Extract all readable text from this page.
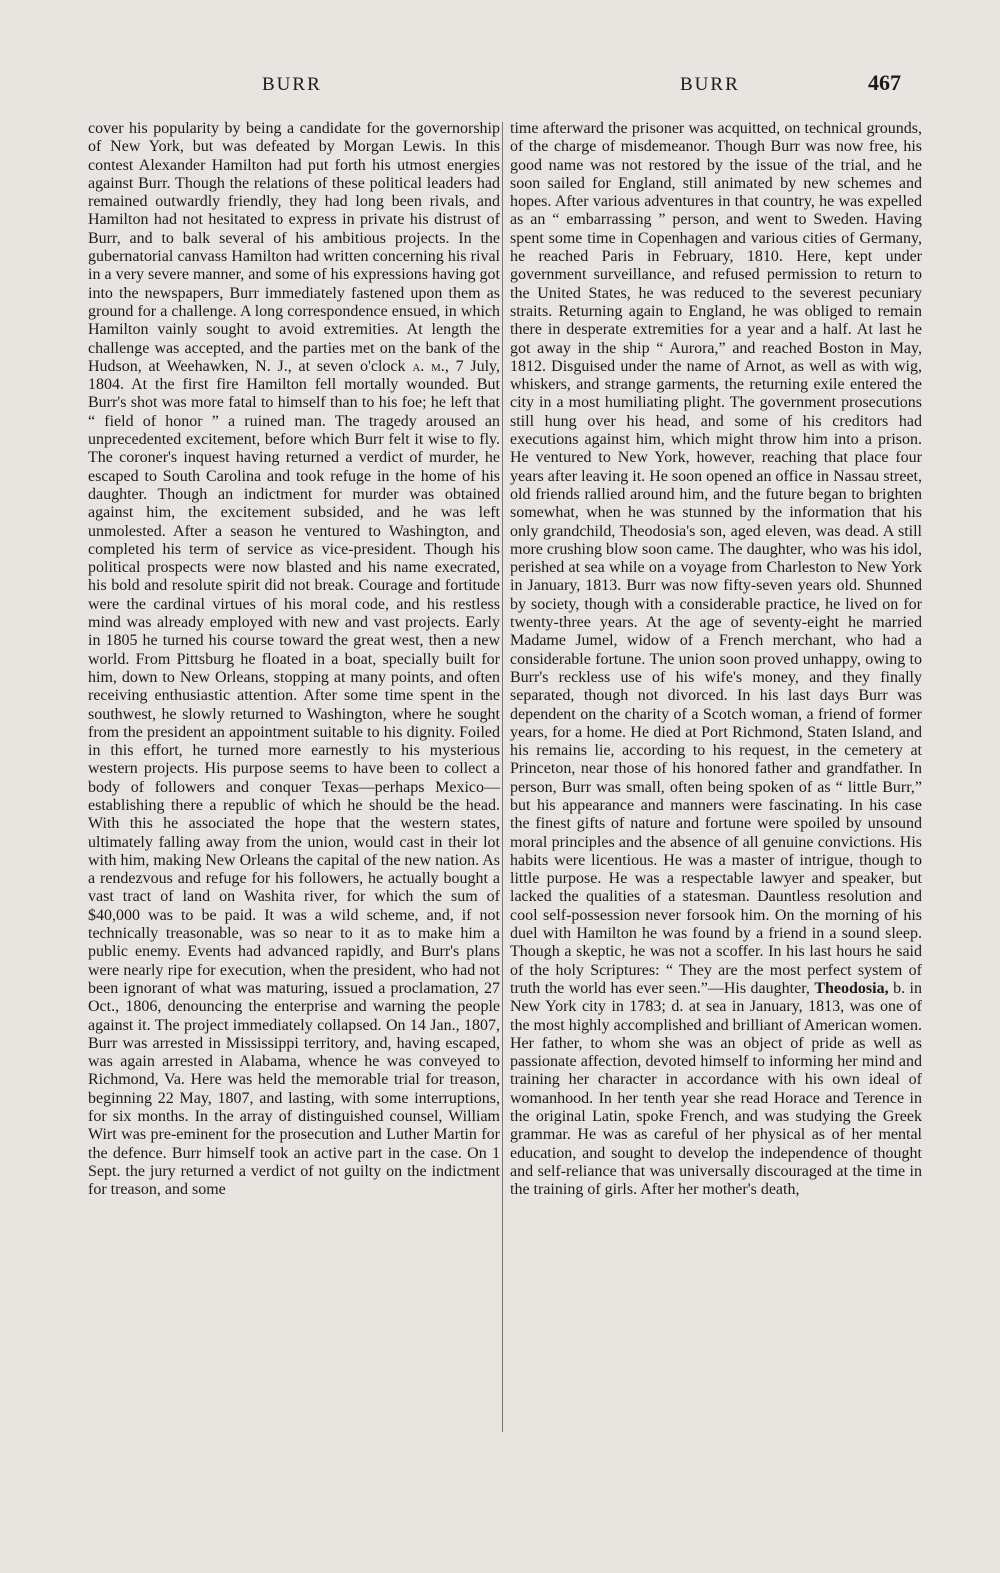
BURR	BURR	467

cover his popularity by being a candidate for the governorship of New York, but was defeated by Morgan Lewis. In this contest Alexander Hamilton had put forth his utmost energies against Burr. Though the relations of these political leaders had remained outwardly friendly, they had long been rivals, and Hamilton had not hesitated to express in private his distrust of Burr, and to balk several of his ambitious projects. In the gubernatorial canvass Hamilton had written concerning his rival in a very severe manner, and some of his expressions having got into the newspapers, Burr immediately fastened upon them as ground for a challenge. A long correspondence ensued, in which Hamilton vainly sought to avoid extremities. At length the challenge was accepted, and the parties met on the bank of the Hudson, at Weehawken, N. J., at seven o'clock a. m., 7 July, 1804. At the first fire Hamilton fell mortally wounded. But Burr's shot was more fatal to himself than to his foe; he left that “ field of honor ” a ruined man. The tragedy aroused an unprecedented excitement, before which Burr felt it wise to fly. The coroner's inquest having returned a verdict of murder, he escaped to South Carolina and took refuge in the home of his daughter. Though an indictment for murder was obtained against him, the excitement subsided, and he was left unmolested. After a season he ventured to Washington, and completed his term of service as vice-president. Though his political prospects were now blasted and his name execrated, his bold and resolute spirit did not break. Courage and fortitude were the cardinal virtues of his moral code, and his restless mind was already employed with new and vast projects. Early in 1805 he turned his course toward the great west, then a new world. From Pittsburg he floated in a boat, specially built for him, down to New Orleans, stopping at many points, and often receiving enthusiastic attention. After some time spent in the southwest, he slowly returned to Washington, where he sought from the president an appointment suitable to his dignity. Foiled in this effort, he turned more earnestly to his mysterious western projects. His purpose seems to have been to collect a body of followers and conquer Texas—perhaps Mexico—establishing there a republic of which he should be the head. With this he associated the hope that the western states, ultimately falling away from the union, would cast in their lot with him, making New Orleans the capital of the new nation. As a rendezvous and refuge for his followers, he actually bought a vast tract of land on Washita river, for which the sum of $40,000 was to be paid. It was a wild scheme, and, if not technically treasonable, was so near to it as to make him a public enemy. Events had advanced rapidly, and Burr's plans were nearly ripe for execution, when the president, who had not been ignorant of what was maturing, issued a proclamation, 27 Oct., 1806, denouncing the enterprise and warning the people against it. The project immediately collapsed. On 14 Jan., 1807, Burr was arrested in Mississippi territory, and, having escaped, was again arrested in Alabama, whence he was conveyed to Richmond, Va. Here was held the memorable trial for treason, beginning 22 May, 1807, and lasting, with some interruptions, for six months. In the array of distinguished counsel, William Wirt was pre-eminent for the prosecution and Luther Martin for the defence. Burr himself took an active part in the case. On 1 Sept. the jury returned a verdict of not guilty on the indictment for treason, and some

time afterward the prisoner was acquitted, on technical grounds, of the charge of misdemeanor. Though Burr was now free, his good name was not restored by the issue of the trial, and he soon sailed for England, still animated by new schemes and hopes. After various adventures in that country, he was expelled as an “ embarrassing ” person, and went to Sweden. Having spent some time in Copenhagen and various cities of Germany, he reached Paris in February, 1810. Here, kept under government surveillance, and refused permission to return to the United States, he was reduced to the severest pecuniary straits. Returning again to England, he was obliged to remain there in desperate extremities for a year and a half. At last he got away in the ship “ Aurora,” and reached Boston in May, 1812. Disguised under the name of Arnot, as well as with wig, whiskers, and strange garments, the returning exile entered the city in a most humiliating plight. The government prosecutions still hung over his head, and some of his creditors had executions against him, which might throw him into a prison. He ventured to New York, however, reaching that place four years after leaving it. He soon opened an office in Nassau street, old friends rallied around him, and the future began to brighten somewhat, when he was stunned by the information that his only grandchild, Theodosia's son, aged eleven, was dead. A still more crushing blow soon came. The daughter, who was his idol, perished at sea while on a voyage from Charleston to New York in January, 1813. Burr was now fifty-seven years old. Shunned by society, though with a considerable practice, he lived on for twenty-three years. At the age of seventy-eight he married Madame Jumel, widow of a French merchant, who had a considerable fortune. The union soon proved unhappy, owing to Burr's reckless use of his wife's money, and they finally separated, though not divorced. In his last days Burr was dependent on the charity of a Scotch woman, a friend of former years, for a home. He died at Port Richmond, Staten Island, and his remains lie, according to his request, in the cemetery at Princeton, near those of his honored father and grandfather. In person, Burr was small, often being spoken of as “ little Burr,” but his appearance and manners were fascinating. In his case the finest gifts of nature and fortune were spoiled by unsound moral principles and the absence of all genuine convictions. His habits were licentious. He was a master of intrigue, though to little purpose. He was a respectable lawyer and speaker, but lacked the qualities of a statesman. Dauntless resolution and cool self-possession never forsook him. On the morning of his duel with Hamilton he was found by a friend in a sound sleep. Though a skeptic, he was not a scoffer. In his last hours he said of the holy Scriptures: “ They are the most perfect system of truth the world has ever seen.”—His daughter, Theodosia, b. in New York city in 1783; d. at sea in January, 1813, was one of the most highly accomplished and brilliant of American women. Her father, to whom she was an object of pride as well as passionate affection, devoted himself to informing her mind and training her character in accordance with his own ideal of womanhood. In her tenth year she read Horace and Terence in the original Latin, spoke French, and was studying the Greek grammar. He was as careful of her physical as of her mental education, and sought to develop the independence of thought and self-reliance that was universally discouraged at the time in the training of girls. After her mother's death,
